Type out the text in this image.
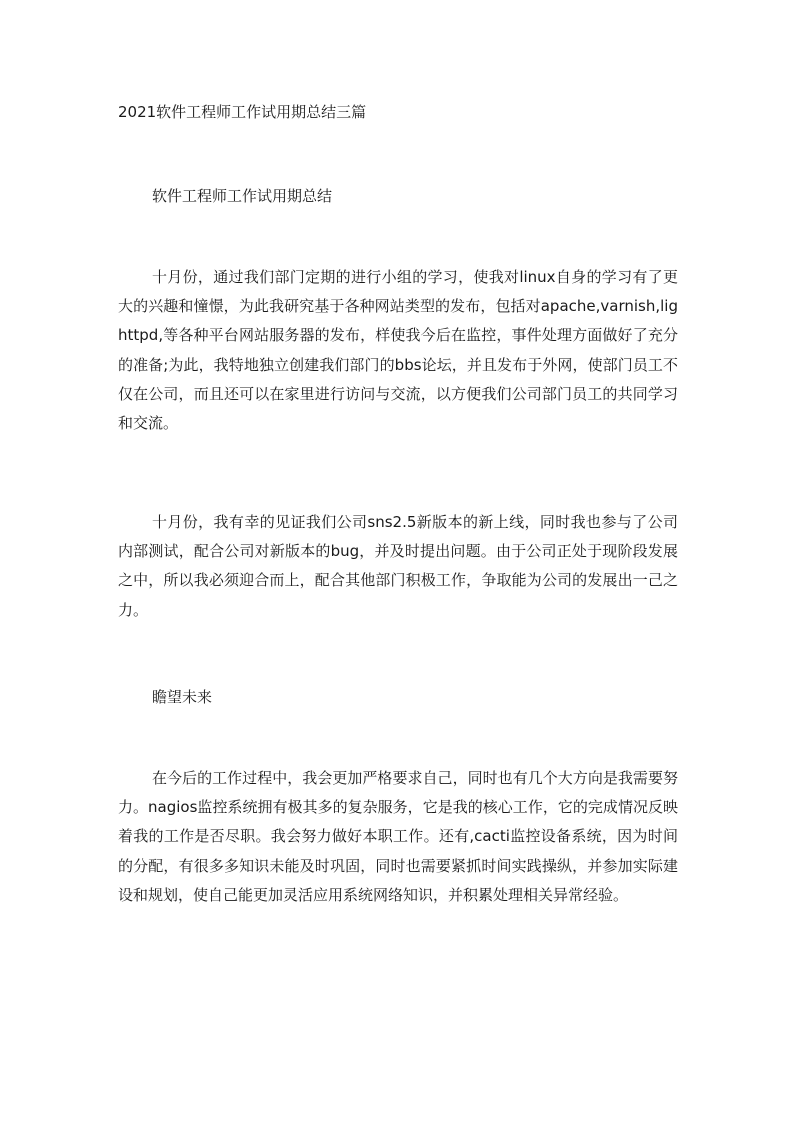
2021软件工程师工作试用期总结三篇
软件工程师工作试用期总结

十月份，通过我们部门定期的进行小组的学习，使我对linux自身的学习有了更大的兴趣和憧憬，为此我研究基于各种网站类型的发布，包括对apache,varnish,lighttpd,等各种平台网站服务器的发布，样使我今后在监控，事件处理方面做好了充分的准备;为此，我特地独立创建我们部门的bbs论坛，并且发布于外网，使部门员工不仅在公司，而且还可以在家里进行访问与交流，以方便我们公司部门员工的共同学习和交流。

十月份，我有幸的见证我们公司sns2.5新版本的新上线，同时我也参与了公司内部测试，配合公司对新版本的bug，并及时提出问题。由于公司正处于现阶段发展之中，所以我必须迎合而上，配合其他部门积极工作，争取能为公司的发展出一己之力。

瞻望未来

在今后的工作过程中，我会更加严格要求自己，同时也有几个大方向是我需要努力。nagios监控系统拥有极其多的复杂服务，它是我的核心工作，它的完成情况反映着我的工作是否尽职。我会努力做好本职工作。还有,cacti监控设备系统，因为时间的分配，有很多多知识未能及时巩固，同时也需要紧抓时间实践操纵，并参加实际建设和规划，使自己能更加灵活应用系统网络知识，并积累处理相关异常经验。
